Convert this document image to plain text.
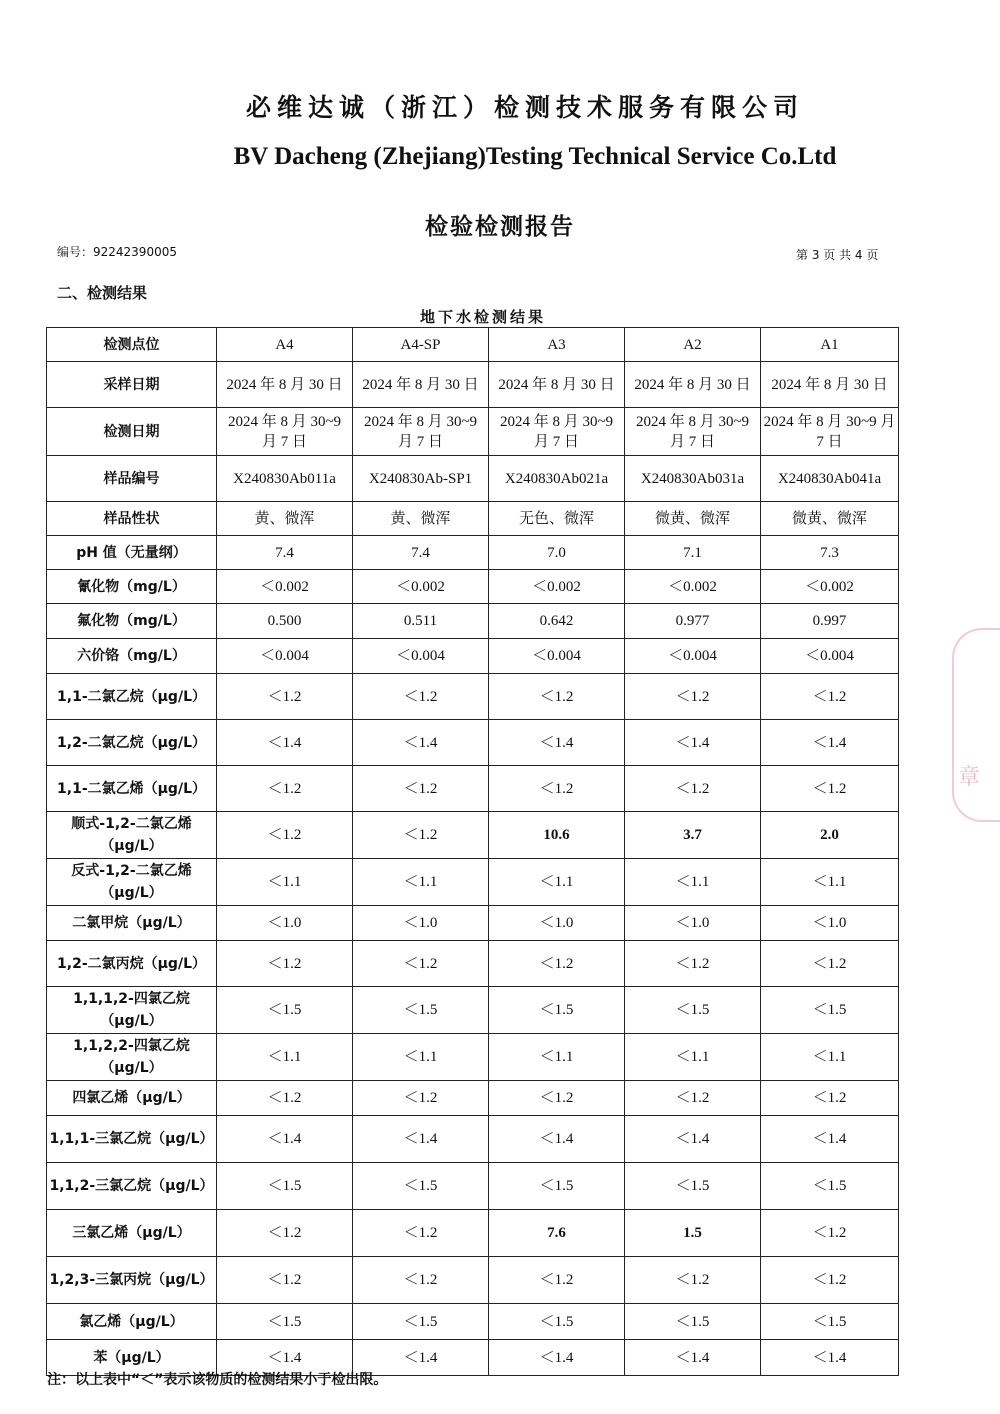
必维达诚（浙江）检测技术服务有限公司
BV Dacheng (Zhejiang)Testing Technical Service Co.Ltd
检验检测报告
编号：92242390005	第 3 页 共 4 页
二、检测结果
地下水检测结果
检测点位	A4	A4-SP	A3	A2	A1
采样日期	2024 年 8 月 30 日	2024 年 8 月 30 日	2024 年 8 月 30 日	2024 年 8 月 30 日	2024 年 8 月 30 日
检测日期	2024 年 8 月 30~9 月 7 日	2024 年 8 月 30~9 月 7 日	2024 年 8 月 30~9 月 7 日	2024 年 8 月 30~9 月 7 日	2024 年 8 月 30~9 月 7 日
样品编号	X240830Ab011a	X240830Ab-SP1	X240830Ab021a	X240830Ab031a	X240830Ab041a
样品性状	黄、微浑	黄、微浑	无色、微浑	微黄、微浑	微黄、微浑
pH 值（无量纲）	7.4	7.4	7.0	7.1	7.3
氰化物（mg/L）	＜0.002	＜0.002	＜0.002	＜0.002	＜0.002
氟化物（mg/L）	0.500	0.511	0.642	0.977	0.997
六价铬（mg/L）	＜0.004	＜0.004	＜0.004	＜0.004	＜0.004
1,1-二氯乙烷（μg/L）	＜1.2	＜1.2	＜1.2	＜1.2	＜1.2
1,2-二氯乙烷（μg/L）	＜1.4	＜1.4	＜1.4	＜1.4	＜1.4
1,1-二氯乙烯（μg/L）	＜1.2	＜1.2	＜1.2	＜1.2	＜1.2
顺式-1,2-二氯乙烯（μg/L）	＜1.2	＜1.2	10.6	3.7	2.0
反式-1,2-二氯乙烯（μg/L）	＜1.1	＜1.1	＜1.1	＜1.1	＜1.1
二氯甲烷（μg/L）	＜1.0	＜1.0	＜1.0	＜1.0	＜1.0
1,2-二氯丙烷（μg/L）	＜1.2	＜1.2	＜1.2	＜1.2	＜1.2
1,1,1,2-四氯乙烷（μg/L）	＜1.5	＜1.5	＜1.5	＜1.5	＜1.5
1,1,2,2-四氯乙烷（μg/L）	＜1.1	＜1.1	＜1.1	＜1.1	＜1.1
四氯乙烯（μg/L）	＜1.2	＜1.2	＜1.2	＜1.2	＜1.2
1,1,1-三氯乙烷（μg/L）	＜1.4	＜1.4	＜1.4	＜1.4	＜1.4
1,1,2-三氯乙烷（μg/L）	＜1.5	＜1.5	＜1.5	＜1.5	＜1.5
三氯乙烯（μg/L）	＜1.2	＜1.2	7.6	1.5	＜1.2
1,2,3-三氯丙烷（μg/L）	＜1.2	＜1.2	＜1.2	＜1.2	＜1.2
氯乙烯（μg/L）	＜1.5	＜1.5	＜1.5	＜1.5	＜1.5
苯（μg/L）	＜1.4	＜1.4	＜1.4	＜1.4	＜1.4
注：以上表中“＜”表示该物质的检测结果小于检出限。
章
